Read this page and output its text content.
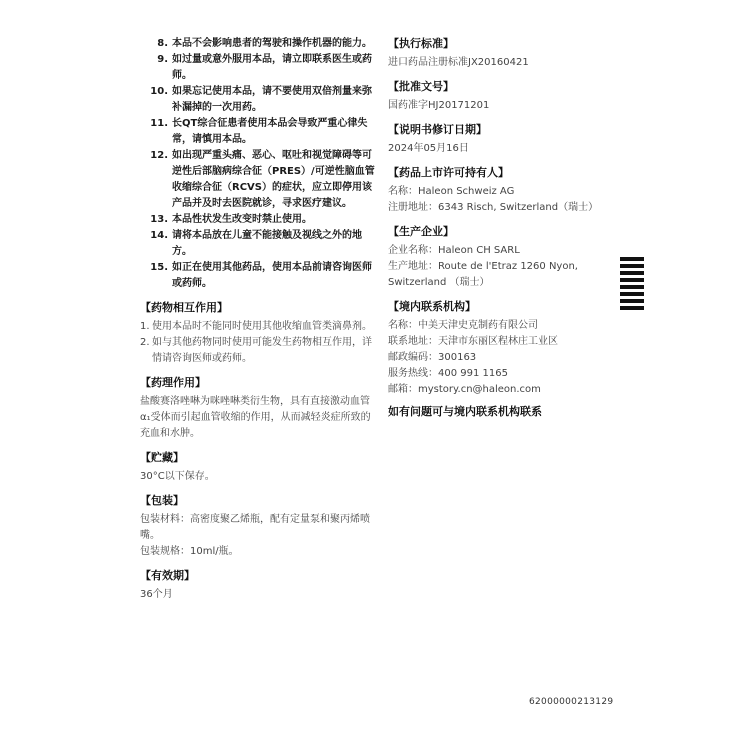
8. 本品不会影响患者的驾驶和操作机器的能力。
9. 如过量或意外服用本品，请立即联系医生或药师。
10. 如果忘记使用本品，请不要使用双倍剂量来弥补漏掉的一次用药。
11. 长QT综合征患者使用本品会导致严重心律失常，请慎用本品。
12. 如出现严重头痛、恶心、呕吐和视觉障碍等可逆性后部脑病综合征（PRES）/可逆性脑血管收缩综合征（RCVS）的症状，应立即停用该产品并及时去医院就诊，寻求医疗建议。
13. 本品性状发生改变时禁止使用。
14. 请将本品放在儿童不能接触及视线之外的地方。
15. 如正在使用其他药品，使用本品前请咨询医师或药师。
【药物相互作用】
1. 使用本品时不能同时使用其他收缩血管类滴鼻剂。
2. 如与其他药物同时使用可能发生药物相互作用，详情请咨询医师或药师。
【药理作用】
盐酸赛洛唑啉为咪唑啉类衍生物，具有直接激动血管α₁受体而引起血管收缩的作用，从而减轻炎症所致的充血和水肿。
【贮藏】
30°C以下保存。
【包装】
包装材料：高密度聚乙烯瓶，配有定量泵和聚丙烯喷嘴。
包装规格：10ml/瓶。
【有效期】
36个月
【执行标准】
进口药品注册标准JX20160421
【批准文号】
国药准字HJ20171201
【说明书修订日期】
2024年05月16日
【药品上市许可持有人】
名称：Haleon Schweiz AG
注册地址：6343 Risch, Switzerland（瑞士）
【生产企业】
企业名称：Haleon CH SARL
生产地址：Route de l'Etraz 1260 Nyon, Switzerland （瑞士）
【境内联系机构】
名称：中美天津史克制药有限公司
联系地址：天津市东丽区程林庄工业区
邮政编码：300163
服务热线：400 991 1165
邮箱：mystory.cn@haleon.com
如有问题可与境内联系机构联系
62000000213129
